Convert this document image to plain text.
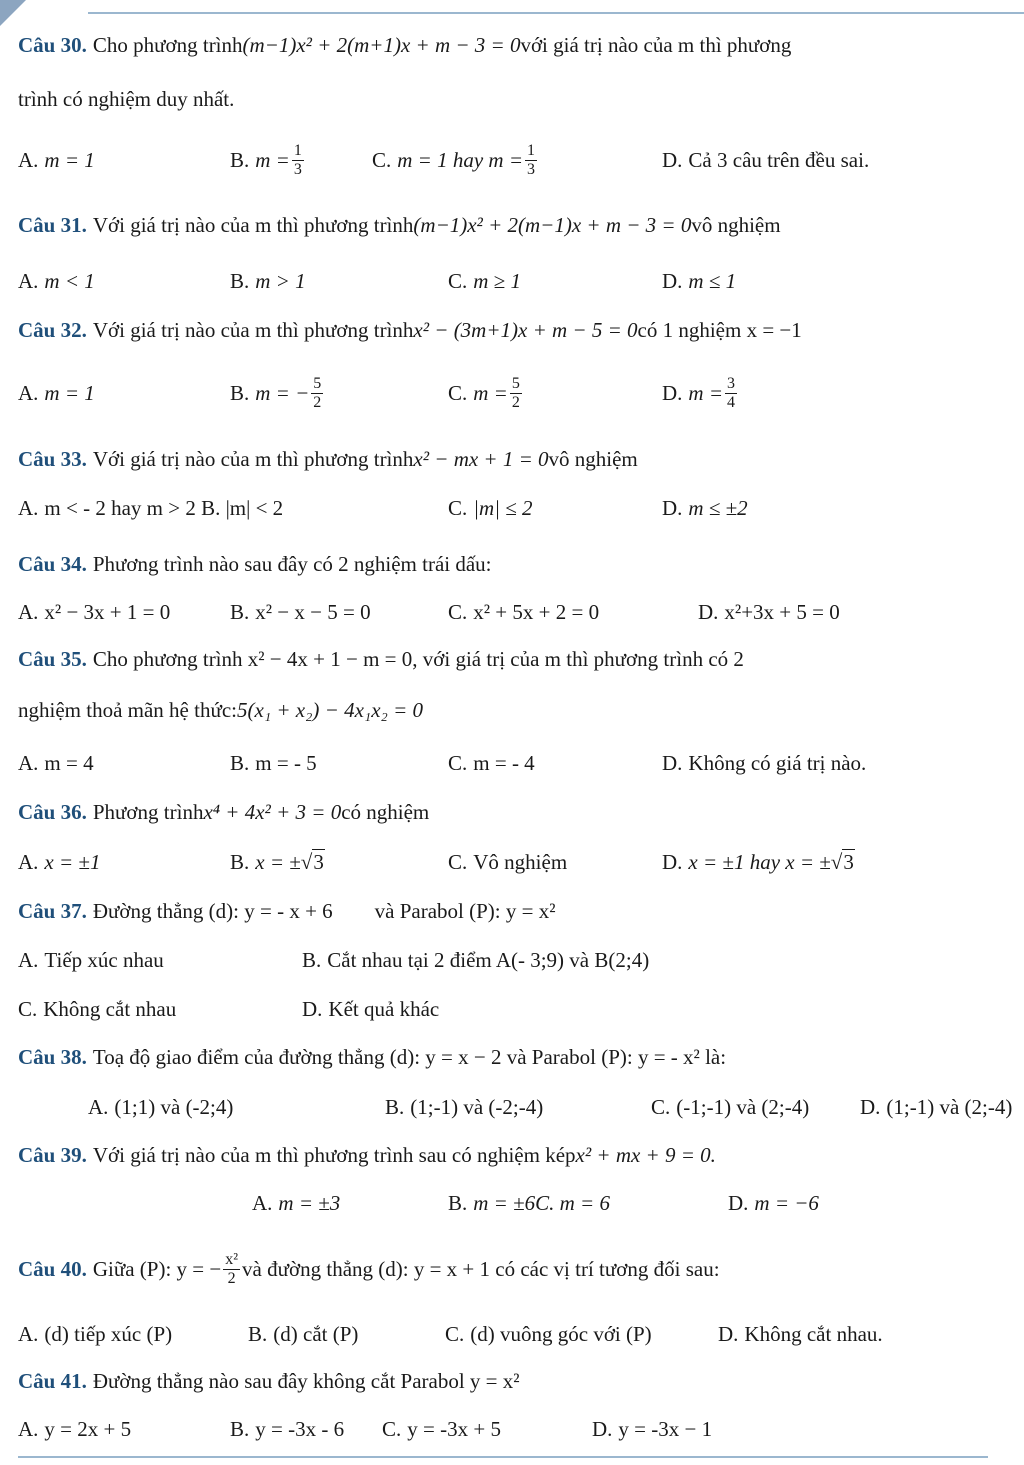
Câu 30. Cho phương trình (m−1)x² + 2(m+1)x + m − 3 = 0 với giá trị nào của m thì phương
trình có nghiệm duy nhất.
A. m = 1	B. $m = \frac{1}{3}$	C. m = 1 hay $m = \frac{1}{3}$	D. Cả 3 câu trên đều sai.
Câu 31. Với giá trị nào của m thì phương trình (m−1)x² + 2(m−1)x + m − 3 = 0 vô nghiệm
A. m < 1	B. m > 1	C. m ≥ 1	D. m ≤ 1
Câu 32. Với giá trị nào của m thì phương trình x² − (3m+1)x + m − 5 = 0 có 1 nghiệm x = −1
A. m = 1	B. m = − $\frac{5}{2}$	C. $m = \frac{5}{2}$	D. $m = \frac{3}{4}$
Câu 33. Với giá trị nào của m thì phương trình x² − mx + 1 = 0 vô nghiệm
A. m < - 2 hay m > 2 B. |m| < 2	C. |m| ≤ 2	D. m ≤ ±2
Câu 34. Phương trình nào sau đây có 2 nghiệm trái dấu:
A. x² − 3x + 1 = 0	B. x² − x − 5 = 0	C. x² + 5x + 2 = 0	D. x²+3x + 5 = 0
Câu 35. Cho phương trình x² − 4x + 1 − m = 0, với giá trị của m thì phương trình có 2
nghiệm thoả mãn hệ thức: 5(x₁ + x₂) − 4x₁x₂ = 0
A. m = 4	B. m = - 5	C. m = - 4	D. Không có giá trị nào.
Câu 36. Phương trình x⁴ + 4x² + 3 = 0 có nghiệm
A. x = ±1	B. x = ± √3	C. Vô nghiệm	D. x = ±1 hay x = ± √3
Câu 37. Đường thẳng (d): y = - x + 6        và Parabol (P): y = x²
A. Tiếp xúc nhau	B. Cắt nhau tại 2 điểm A(- 3;9) và B(2;4)
C. Không cắt nhau	D. Kết quả khác
Câu 38. Toạ độ giao điểm của đường thẳng (d): y = x − 2 và Parabol (P): y = - x² là:
A. (1;1) và (-2;4)	B. (1;-1) và (-2;-4)	C. (-1;-1) và (2;-4) D. (1;-1) và (2;-4)
Câu 39. Với giá trị nào của m thì phương trình sau có nghiệm kép x² + mx + 9 = 0.
A. m = ±3	B. m = ±6C. m = 6	D. m = −6
Câu 40. Giữa (P): y = − $\frac{\text{x²}}{2}$ và đường thẳng (d): y = x + 1 có các vị trí tương đối sau:
A. (d) tiếp xúc (P)	B. (d) cắt (P)	C. (d) vuông góc với (P)	D. Không cắt nhau.
Câu 41. Đường thẳng nào sau đây không cắt Parabol y = x²
A. y = 2x + 5	B. y = -3x - 6 C. y = -3x + 5	D. y = -3x − 1
